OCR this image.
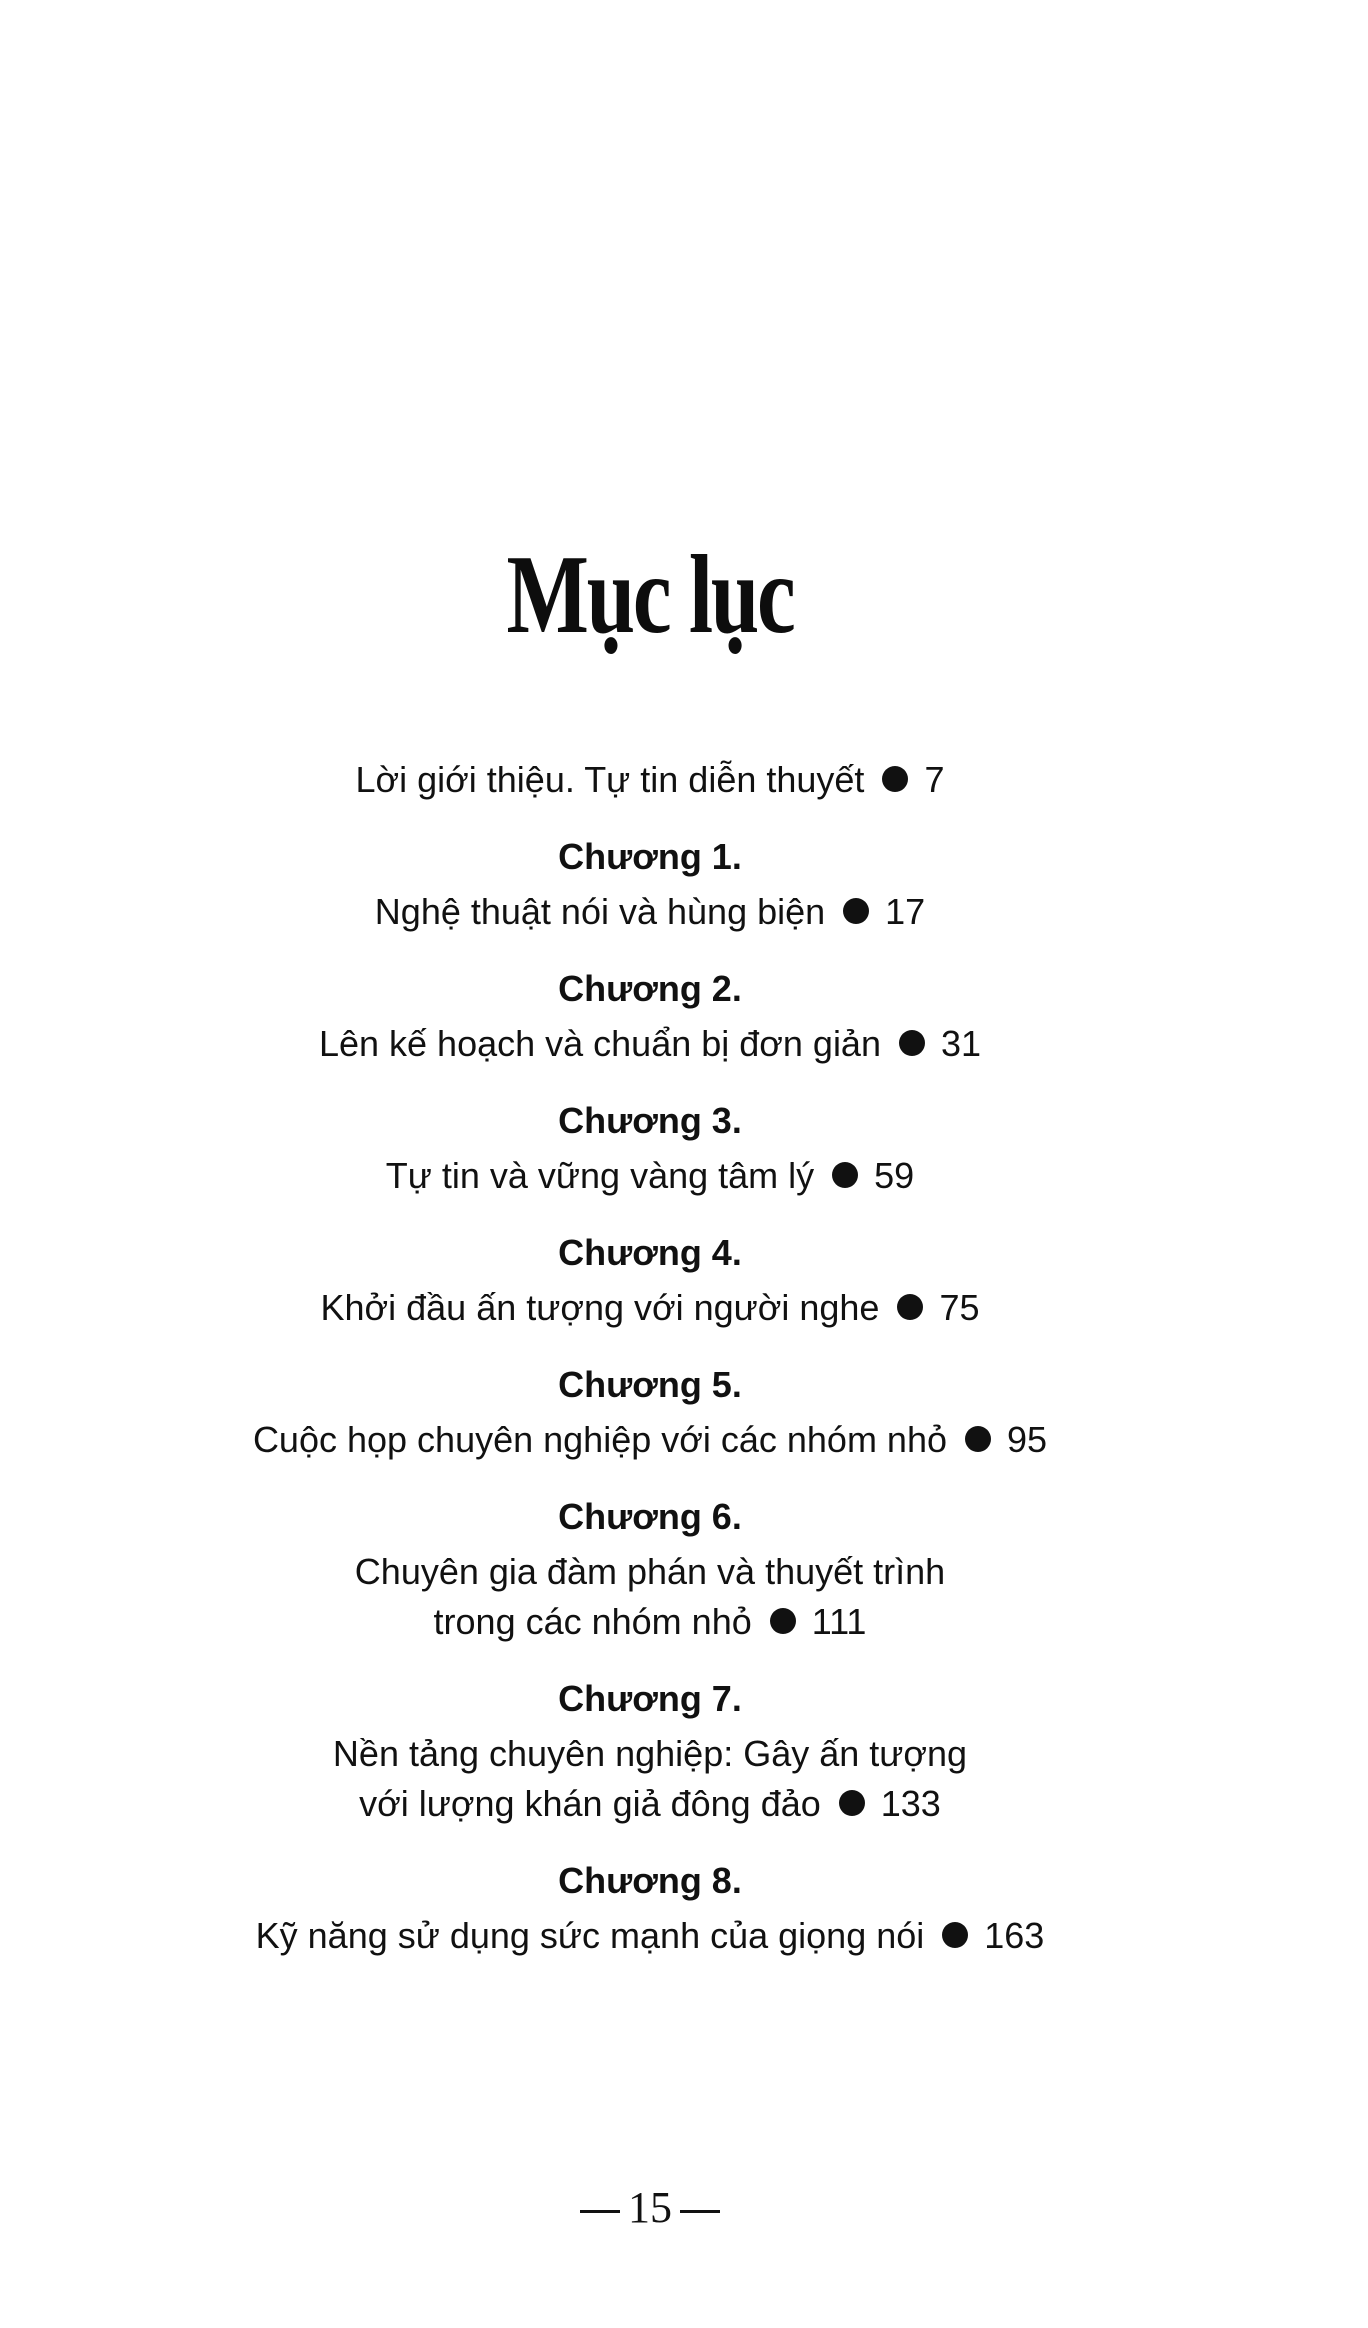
Mục lục
Lời giới thiệu. Tự tin diễn thuyết 7
Chương 1.
Nghệ thuật nói và hùng biện 17
Chương 2.
Lên kế hoạch và chuẩn bị đơn giản 31
Chương 3.
Tự tin và vững vàng tâm lý 59
Chương 4.
Khởi đầu ấn tượng với người nghe 75
Chương 5.
Cuộc họp chuyên nghiệp với các nhóm nhỏ 95
Chương 6.
Chuyên gia đàm phán và thuyết trình
trong các nhóm nhỏ 111
Chương 7.
Nền tảng chuyên nghiệp: Gây ấn tượng
với lượng khán giả đông đảo 133
Chương 8.
Kỹ năng sử dụng sức mạnh của giọng nói 163
15
